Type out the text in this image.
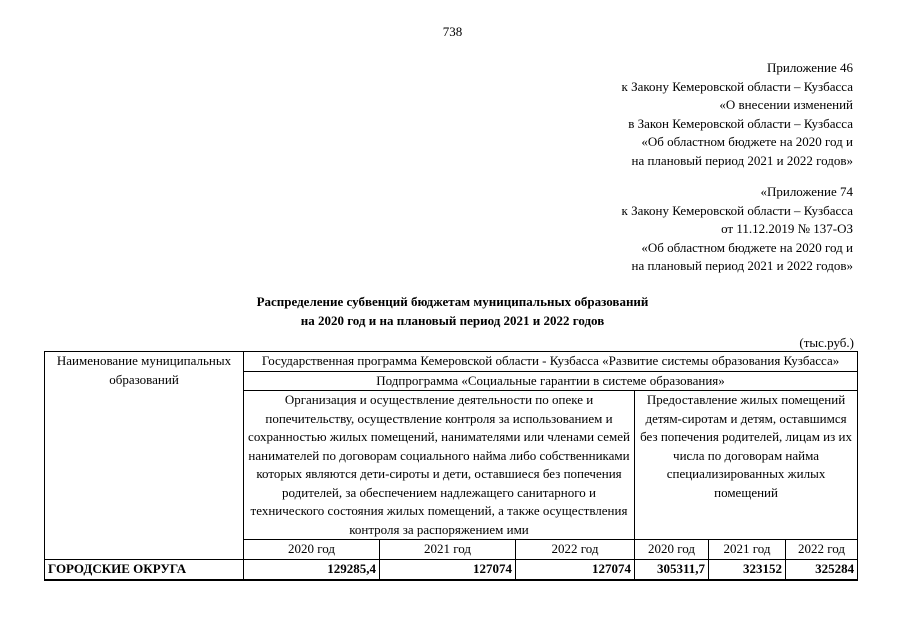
738
Приложение 46
к Закону Кемеровской области – Кузбасса
«О внесении изменений
в Закон Кемеровской области – Кузбасса
«Об областном бюджете на 2020 год и
на плановый период 2021 и 2022 годов»
«Приложение 74
к Закону Кемеровской области – Кузбасса
от 11.12.2019 № 137-ОЗ
«Об областном бюджете на 2020 год и
на плановый период 2021 и 2022 годов»
Распределение субвенций бюджетам муниципальных образований
на 2020 год и на плановый период 2021 и 2022 годов
(тыс.руб.)
Наименование муниципальных образований	Государственная программа Кемеровской области - Кузбасса «Развитие системы образования Кузбасса»					
	Подпрограмма «Социальные гарантии в системе образования»					
	Организация и осуществление деятельности по опеке и попечительству, осуществление контроля за использованием и сохранностью жилых помещений, нанимателями или членами семей нанимателей по договорам социального найма либо собственниками которых являются дети-сироты и дети, оставшиеся без попечения родителей, за обеспечением надлежащего санитарного и технического состояния жилых помещений, а также осуществления контроля за распоряжением ими			Предоставление жилых помещений детям-сиротам и детям, оставшимся без попечения родителей, лицам из их числа по договорам найма специализированных жилых помещений		
	2020 год	2021 год	2022 год	2020 год	2021 год	2022 год
ГОРОДСКИЕ ОКРУГА	129285,4	127074	127074	305311,7	323152	325284
